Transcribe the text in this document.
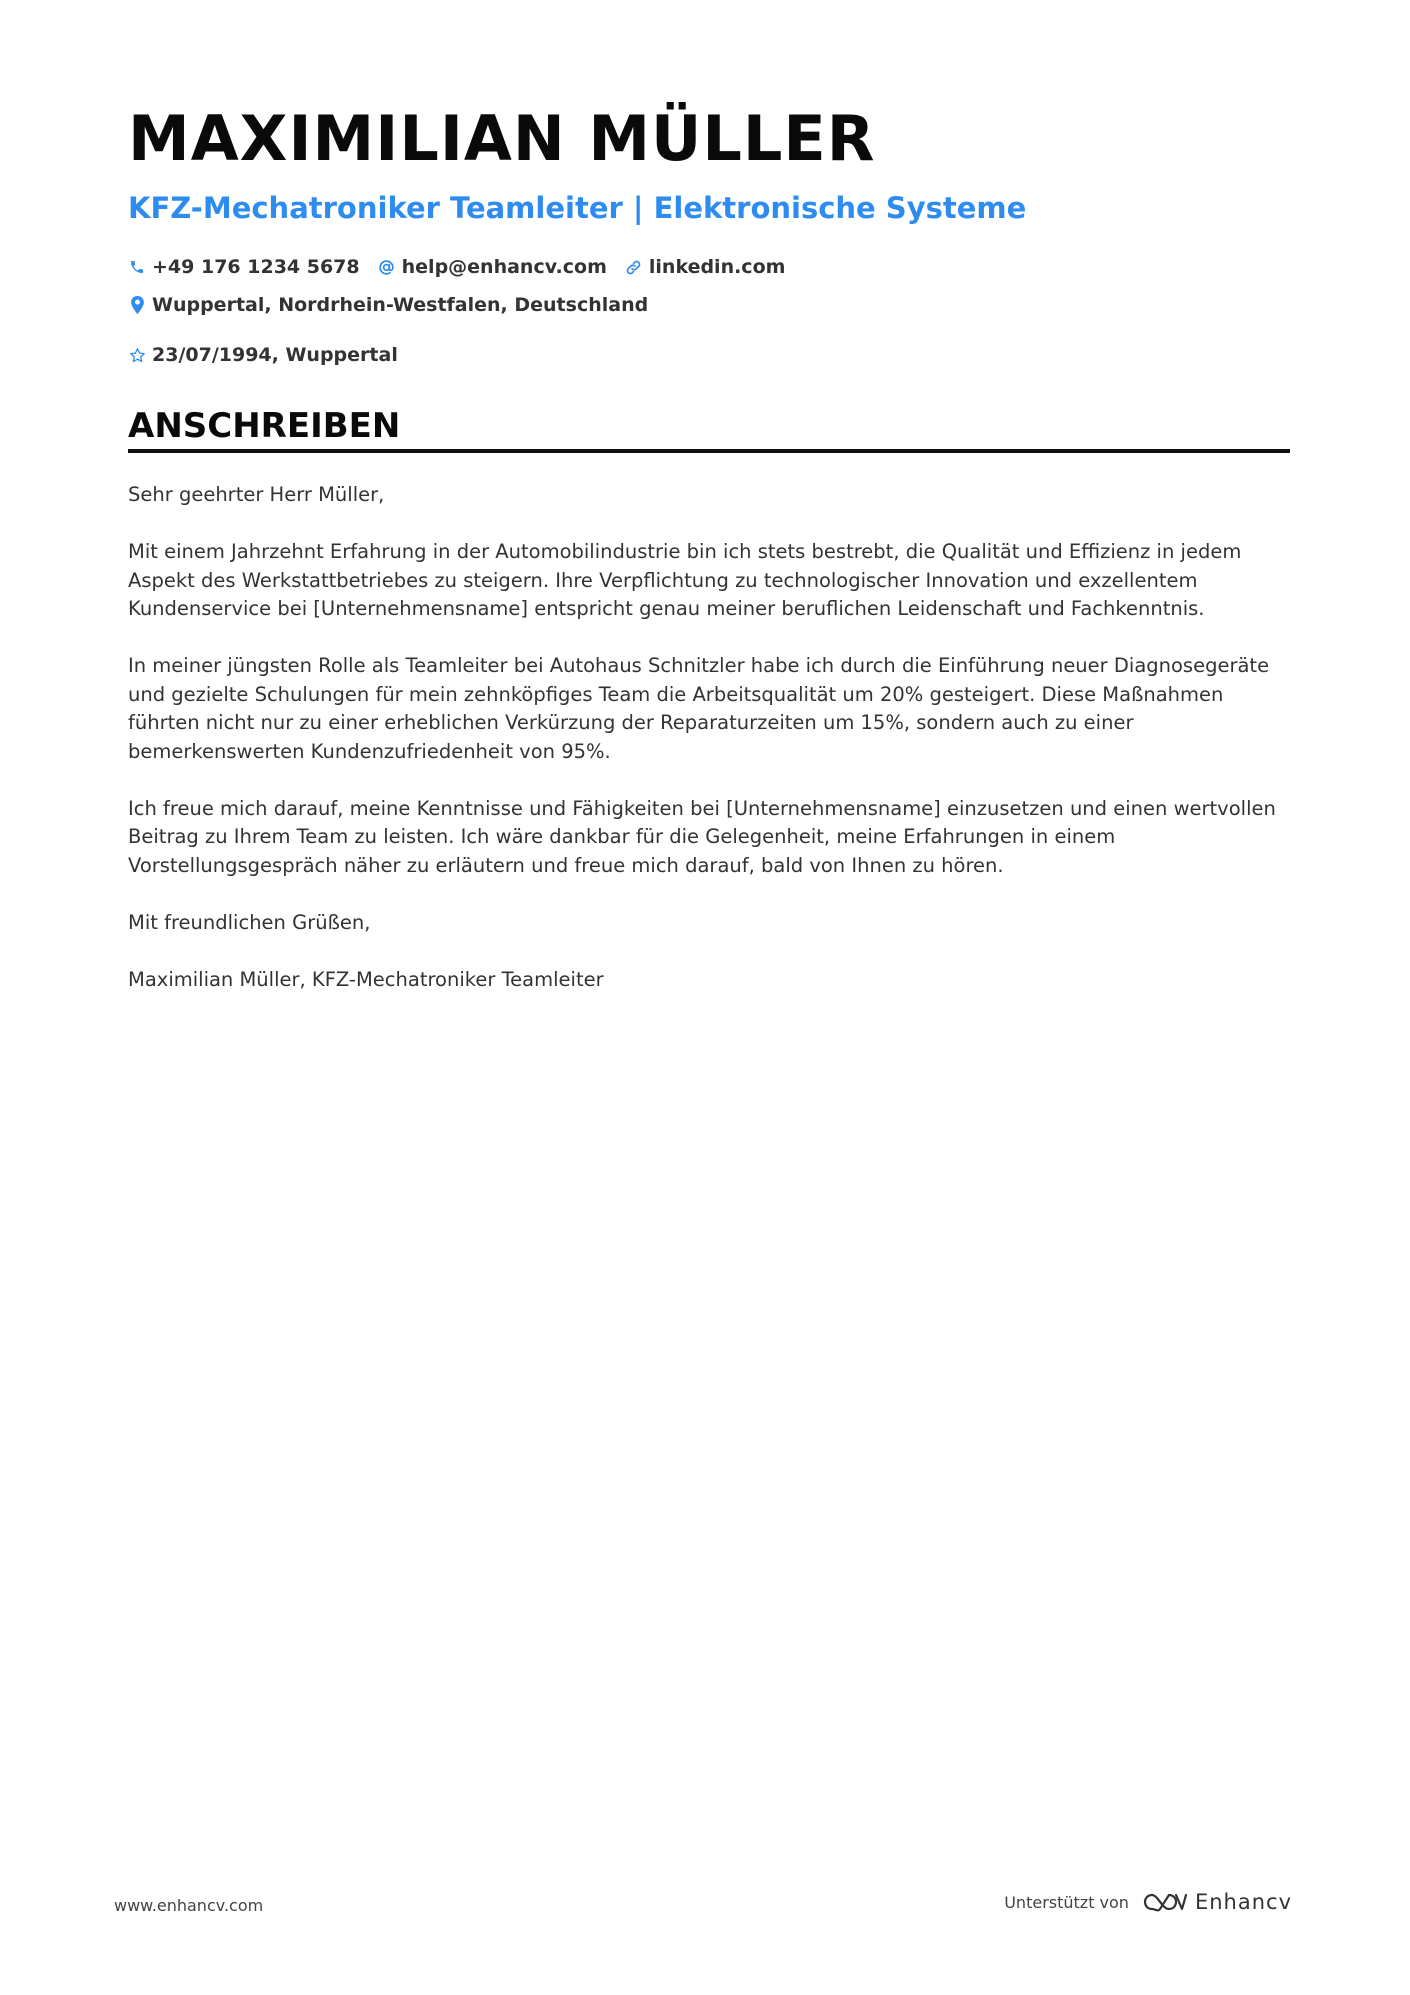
MAXIMILIAN MÜLLER
KFZ-Mechatroniker Teamleiter | Elektronische Systeme
+49 176 1234 5678 help@enhancv.com linkedin.com
Wuppertal, Nordrhein-Westfalen, Deutschland
23/07/1994, Wuppertal
ANSCHREIBEN

Sehr geehrter Herr Müller,

Mit einem Jahrzehnt Erfahrung in der Automobilindustrie bin ich stets bestrebt, die Qualität und Effizienz in jedem Aspekt des Werkstattbetriebes zu steigern. Ihre Verpflichtung zu technologischer Innovation und exzellentem Kundenservice bei [Unternehmensname] entspricht genau meiner beruflichen Leidenschaft und Fachkenntnis.

In meiner jüngsten Rolle als Teamleiter bei Autohaus Schnitzler habe ich durch die Einführung neuer Diagnosegeräte und gezielte Schulungen für mein zehnköpfiges Team die Arbeitsqualität um 20% gesteigert. Diese Maßnahmen führten nicht nur zu einer erheblichen Verkürzung der Reparaturzeiten um 15%, sondern auch zu einer bemerkenswerten Kundenzufriedenheit von 95%.

Ich freue mich darauf, meine Kenntnisse und Fähigkeiten bei [Unternehmensname] einzusetzen und einen wertvollen Beitrag zu Ihrem Team zu leisten. Ich wäre dankbar für die Gelegenheit, meine Erfahrungen in einem Vorstellungsgespräch näher zu erläutern und freue mich darauf, bald von Ihnen zu hören.

Mit freundlichen Grüßen,

Maximilian Müller, KFZ-Mechatroniker Teamleiter

www.enhancv.com	Unterstützt von	Enhancv
